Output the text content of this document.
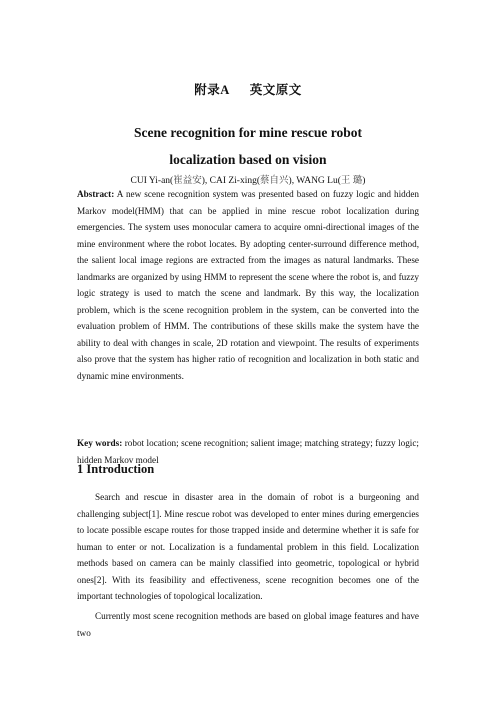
附录A 英文原文
Scene recognition for mine rescue robot
localization based on vision
CUI Yi-an(崔益安), CAI Zi-xing(蔡自兴), WANG Lu(王 璐)
Abstract: A new scene recognition system was presented based on fuzzy logic and hidden Markov model(HMM) that can be applied in mine rescue robot localization during emergencies. The system uses monocular camera to acquire omni-directional images of the mine environment where the robot locates. By adopting center-surround difference method, the salient local image regions are extracted from the images as natural landmarks. These landmarks are organized by using HMM to represent the scene where the robot is, and fuzzy logic strategy is used to match the scene and landmark. By this way, the localization problem, which is the scene recognition problem in the system, can be converted into the evaluation problem of HMM. The contributions of these skills make the system have the ability to deal with changes in scale, 2D rotation and viewpoint. The results of experiments also prove that the system has higher ratio of recognition and localization in both static and dynamic mine environments.
Key words: robot location; scene recognition; salient image; matching strategy; fuzzy logic; hidden Markov model
1 Introduction
Search and rescue in disaster area in the domain of robot is a burgeoning and challenging subject[1]. Mine rescue robot was developed to enter mines during emergencies to locate possible escape routes for those trapped inside and determine whether it is safe for human to enter or not. Localization is a fundamental problem in this field. Localization methods based on camera can be mainly classified into geometric, topological or hybrid ones[2]. With its feasibility and effectiveness, scene recognition becomes one of the important technologies of topological localization.
Currently most scene recognition methods are based on global image features and have two
